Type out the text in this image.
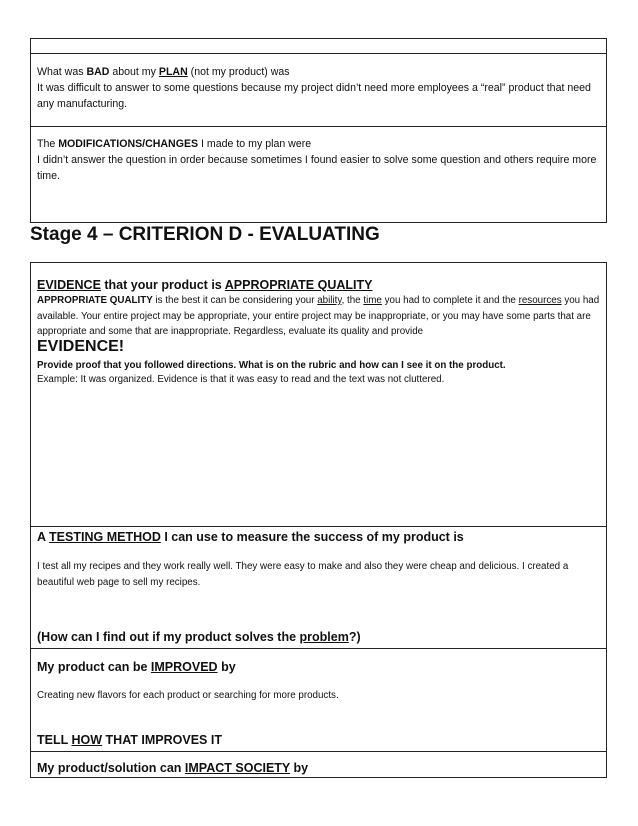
What was BAD about my PLAN (not my product) was
It was difficult to answer to some questions because my project didn’t need more employees a “real” product that need any manufacturing.
The MODIFICATIONS/CHANGES I made to my plan were
I didn’t answer the question in order because sometimes I found easier to solve some question and others require more time.
Stage 4 – CRITERION D - EVALUATING
EVIDENCE that your product is APPROPRIATE QUALITY
APPROPRIATE QUALITY is the best it can be considering your ability, the time you had to complete it and the resources you had available. Your entire project may be appropriate, your entire project may be inappropriate, or you may have some parts that are appropriate and some that are inappropriate. Regardless, evaluate its quality and provide
EVIDENCE!
Provide proof that you followed directions. What is on the rubric and how can I see it on the product.
Example: It was organized. Evidence is that it was easy to read and the text was not cluttered.
A TESTING METHOD I can use to measure the success of my product is
I test all my recipes and they work really well. They were easy to make and also they were cheap and delicious. I created a beautiful web page to sell my recipes.
(How can I find out if my product solves the problem?)
My product can be IMPROVED by
Creating new flavors for each product or searching for more products.
TELL HOW THAT IMPROVES IT
My product/solution can IMPACT SOCIETY by
